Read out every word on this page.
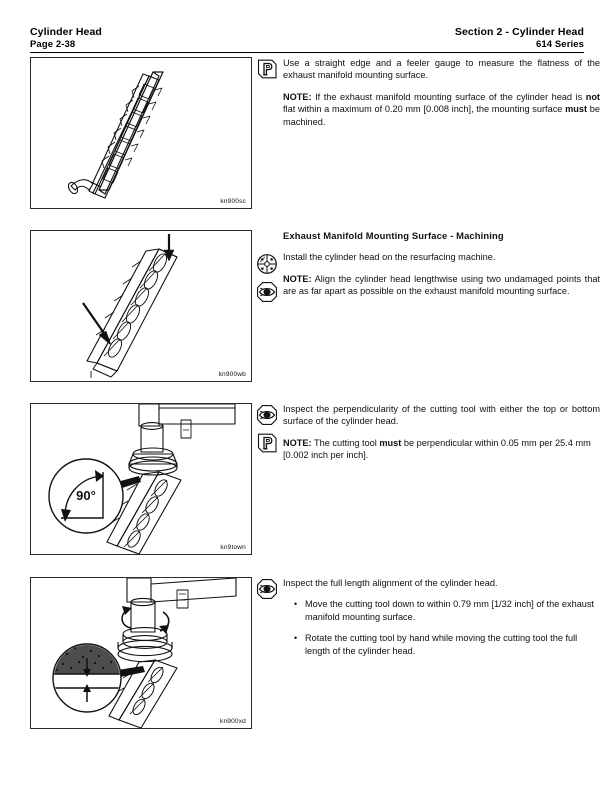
Cylinder Head
Page 2-38
Section 2 - Cylinder Head
614 Series
kn900sc

Use a straight edge and a feeler gauge to measure the flatness of the exhaust manifold mounting surface.

NOTE: If the exhaust manifold mounting surface of the cylinder head is not flat within a maximum of 0.20 mm [0.008 inch], the mounting surface must be machined.

kn900wb
Exhaust Manifold Mounting Surface - Machining

Install the cylinder head on the resurfacing machine.

NOTE: Align the cylinder head lengthwise using two undamaged points that are as far apart as possible on the exhaust manifold mounting surface.

90°
kn9town

Inspect the perpendicularity of the cutting tool with either the top or bottom surface of the cylinder head.

NOTE: The cutting tool must be perpendicular within 0.05 mm per 25.4 mm [0.002 inch per inch].

kn900xd

Inspect the full length alignment of the cylinder head.

• Move the cutting tool down to within 0.79 mm [1/32 inch] of the exhaust manifold mounting surface.
• Rotate the cutting tool by hand while moving the cutting tool the full length of the cylinder head.
